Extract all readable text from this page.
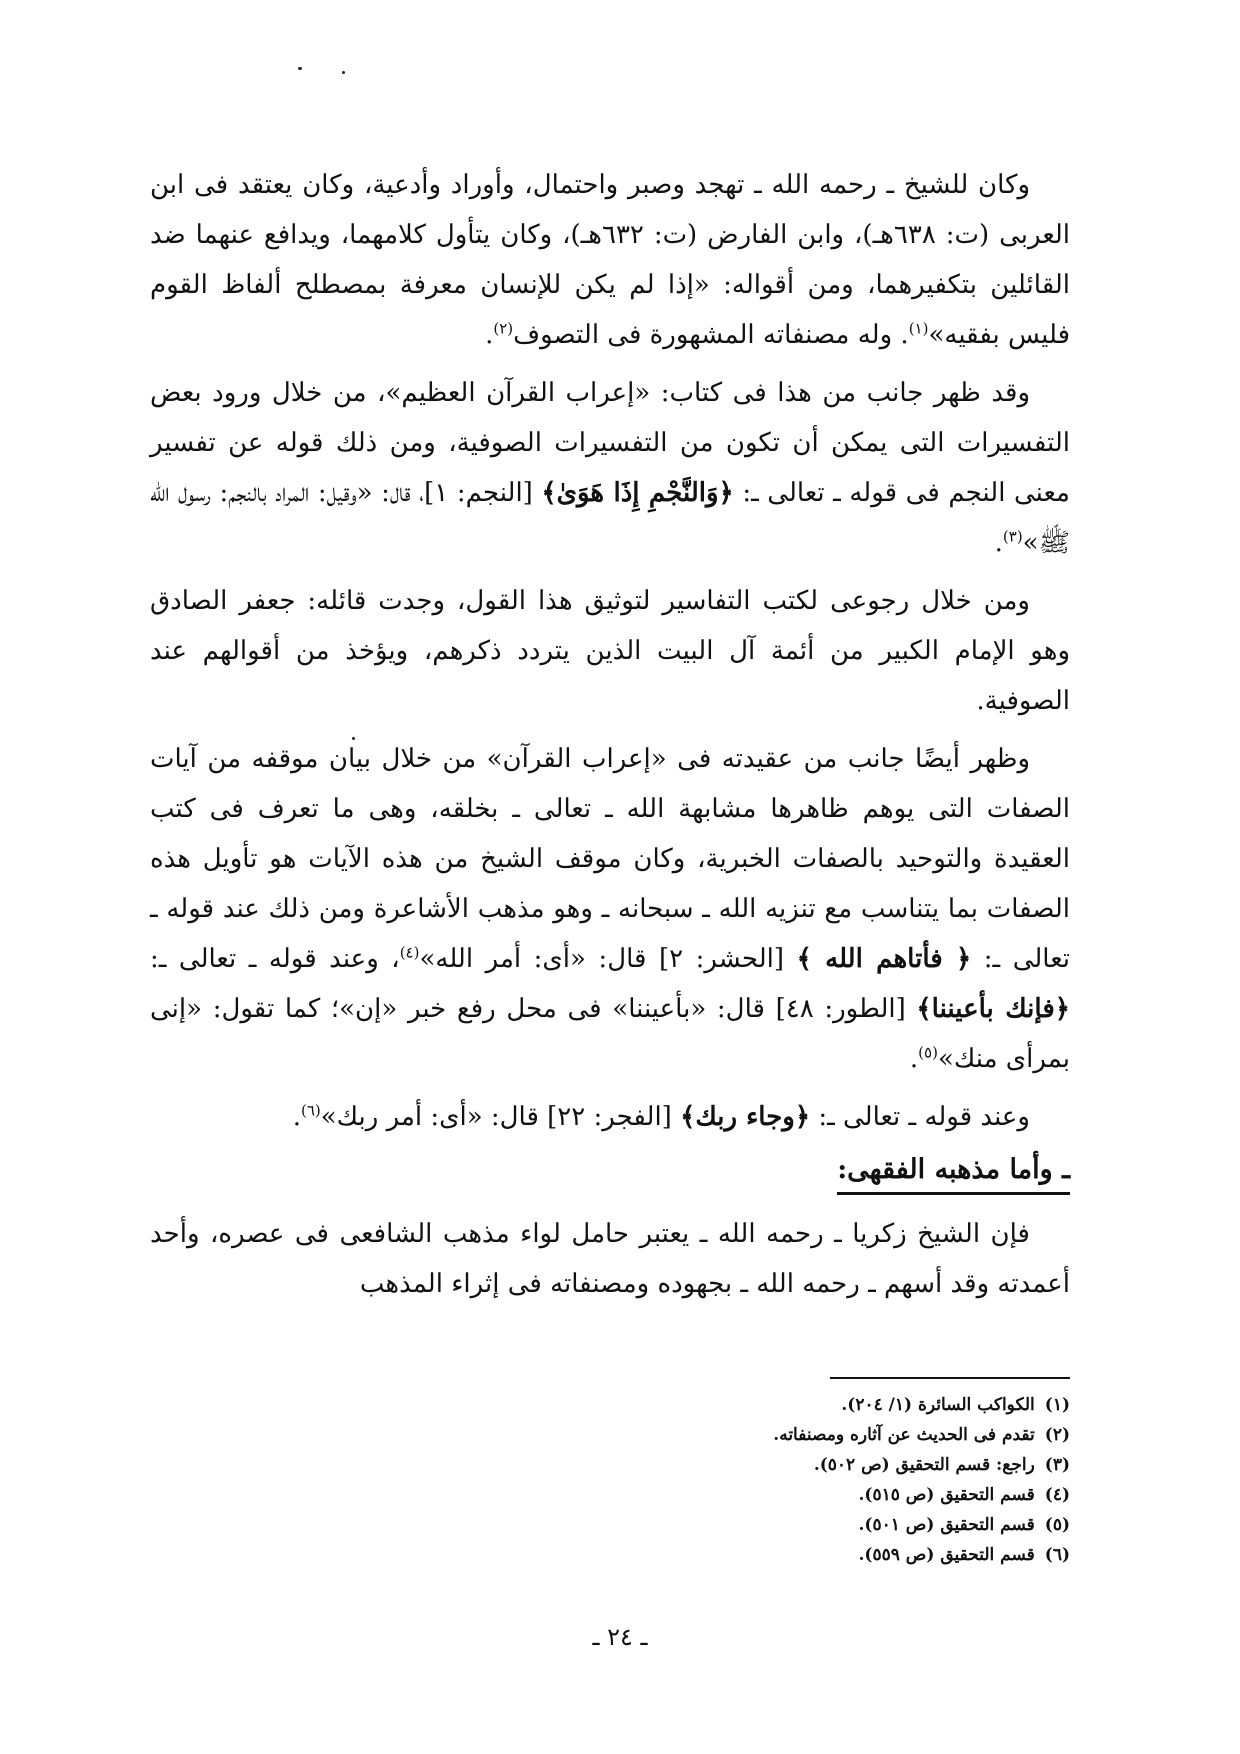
وكان للشيخ ـ رحمه الله ـ تهجد وصبر واحتمال، وأوراد وأدعية، وكان يعتقد فى ابن العربى (ت: ٦٣٨هـ)، وابن الفارض (ت: ٦٣٢هـ)، وكان يتأول كلامهما، ويدافع عنهما ضد القائلين بتكفيرهما، ومن أقواله: «إذا لم يكن للإنسان معرفة بمصطلح ألفاظ القوم فليس بفقيه»$^{(١)}$. وله مصنفاته المشهورة فى التصوف$^{(٢)}$.

وقد ظهر جانب من هذا فى كتاب: «إعراب القرآن العظيم»، من خلال ورود بعض التفسيرات التى يمكن أن تكون من التفسيرات الصوفية، ومن ذلك قوله عن تفسير معنى النجم فى قوله ـ تعالى ـ: ﴿وَالنَّجْمِ إِذَا هَوَىٰ﴾ [النجم: ١]، قال: «وقيل: المراد بالنجم: رسول الله ﷺ»$^{(٣)}$.

ومن خلال رجوعى لكتب التفاسير لتوثيق هذا القول، وجدت قائله: جعفر الصادق وهو الإمام الكبير من أئمة آل البيت الذين يتردد ذكرهم، ويؤخذ من أقوالهم عند الصوفية.

وظهر أيضًا جانب من عقيدته فى «إعراب القرآن» من خلال بيان موقفه من آيات الصفات التى يوهم ظاهرها مشابهة الله ـ تعالى ـ بخلقه، وهى ما تعرف فى كتب العقيدة والتوحيد بالصفات الخبرية، وكان موقف الشيخ من هذه الآيات هو تأويل هذه الصفات بما يتناسب مع تنزيه الله ـ سبحانه ـ وهو مذهب الأشاعرة ومن ذلك عند قوله ـ تعالى ـ: ﴿ فأتاهم الله ﴾ [الحشر: ٢] قال: «أى: أمر الله»$^{(٤)}$، وعند قوله ـ تعالى ـ: ﴿فإنك بأعيننا﴾ [الطور: ٤٨] قال: «بأعيننا» فى محل رفع خبر «إن»؛ كما تقول: «إنى بمرأى منك»$^{(٥)}$.

وعند قوله ـ تعالى ـ: ﴿وجاء ربك﴾ [الفجر: ٢٢] قال: «أى: أمر ربك»$^{(٦)}$.

ـ وأما مذهبه الفقهى:

فإن الشيخ زكريا ـ رحمه الله ـ يعتبر حامل لواء مذهب الشافعى فى عصره، وأحد أعمدته وقد أسهم ـ رحمه الله ـ بجهوده ومصنفاته فى إثراء المذهب

(١)الكواكب السائرة (١/ ٢٠٤).
(٢)تقدم فى الحديث عن آثاره ومصنفاته.
(٣)راجع: قسم التحقيق (ص ٥٠٢).
(٤)قسم التحقيق (ص ٥١٥).
(٥)قسم التحقيق (ص ٥٠١).
(٦)قسم التحقيق (ص ٥٥٩).
ـ ٢٤ ـ
